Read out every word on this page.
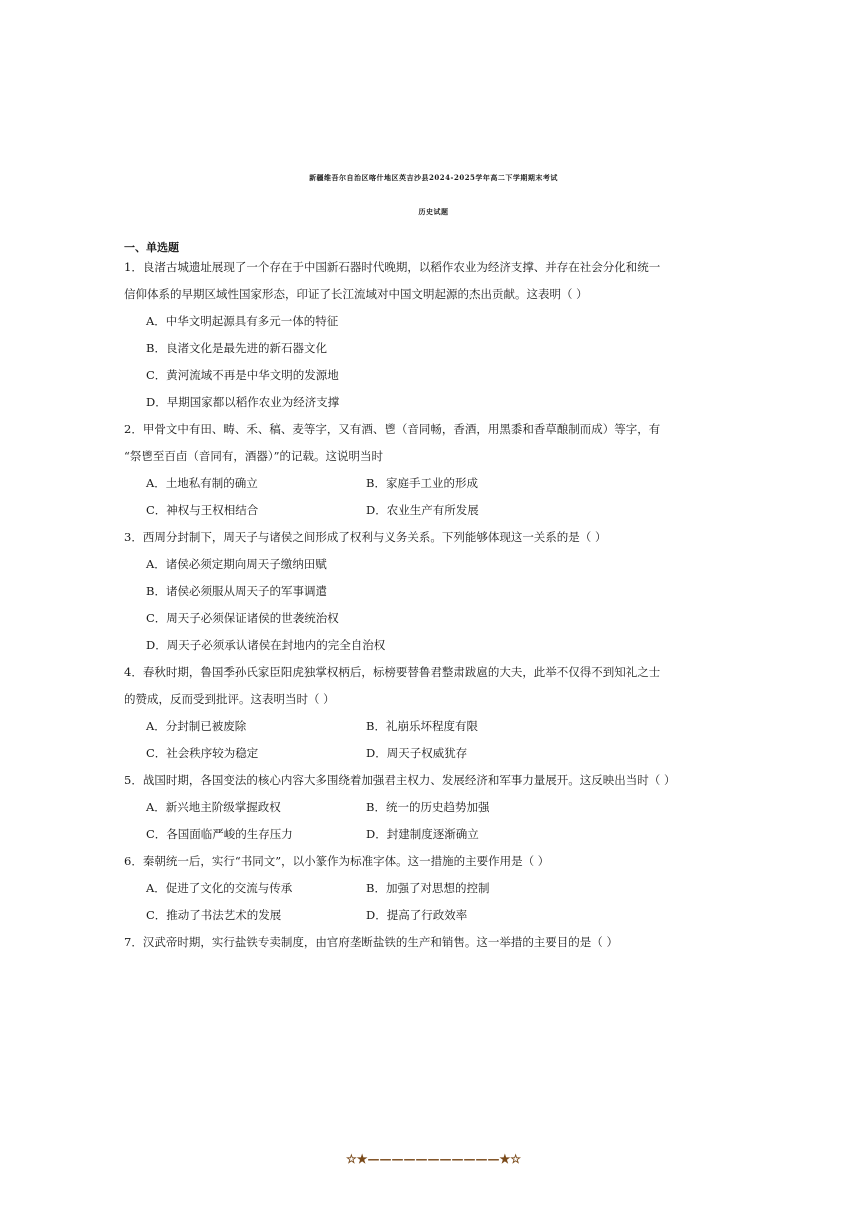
新疆维吾尔自治区喀什地区英吉沙县2024-2025学年高二下学期期末考试
历史试题
一、单选题
1．良渚古城遗址展现了一个存在于中国新石器时代晚期，以稻作农业为经济支撑、并存在社会分化和统一
信仰体系的早期区域性国家形态，印证了长江流域对中国文明起源的杰出贡献。这表明（ ）
A．中华文明起源具有多元一体的特征
B．良渚文化是最先进的新石器文化
C．黄河流域不再是中华文明的发源地
D．早期国家都以稻作农业为经济支撑
2．甲骨文中有田、畴、禾、稿、麦等字，又有酒、鬯（音同畅，香酒，用黑黍和香草酿制而成）等字，有
“祭鬯至百卣（音同有，酒器）”的记载。这说明当时
A．土地私有制的确立	B．家庭手工业的形成
C．神权与王权相结合	D．农业生产有所发展
3．西周分封制下，周天子与诸侯之间形成了权利与义务关系。下列能够体现这一关系的是（ ）
A．诸侯必须定期向周天子缴纳田赋
B．诸侯必须服从周天子的军事调遣
C．周天子必须保证诸侯的世袭统治权
D．周天子必须承认诸侯在封地内的完全自治权
4．春秋时期，鲁国季孙氏家臣阳虎独掌权柄后，标榜要替鲁君整肃跋扈的大夫，此举不仅得不到知礼之士
的赞成，反而受到批评。这表明当时（ ）
A．分封制已被废除	B．礼崩乐坏程度有限
C．社会秩序较为稳定	D．周天子权威犹存
5．战国时期，各国变法的核心内容大多围绕着加强君主权力、发展经济和军事力量展开。这反映出当时（ ）
A．新兴地主阶级掌握政权	B．统一的历史趋势加强
C．各国面临严峻的生存压力	D．封建制度逐渐确立
6．秦朝统一后，实行“书同文”，以小篆作为标准字体。这一措施的主要作用是（ ）
A．促进了文化的交流与传承	B．加强了对思想的控制
C．推动了书法艺术的发展	D．提高了行政效率
7．汉武帝时期，实行盐铁专卖制度，由官府垄断盐铁的生产和销售。这一举措的主要目的是（ ）
☆★———————————★☆
